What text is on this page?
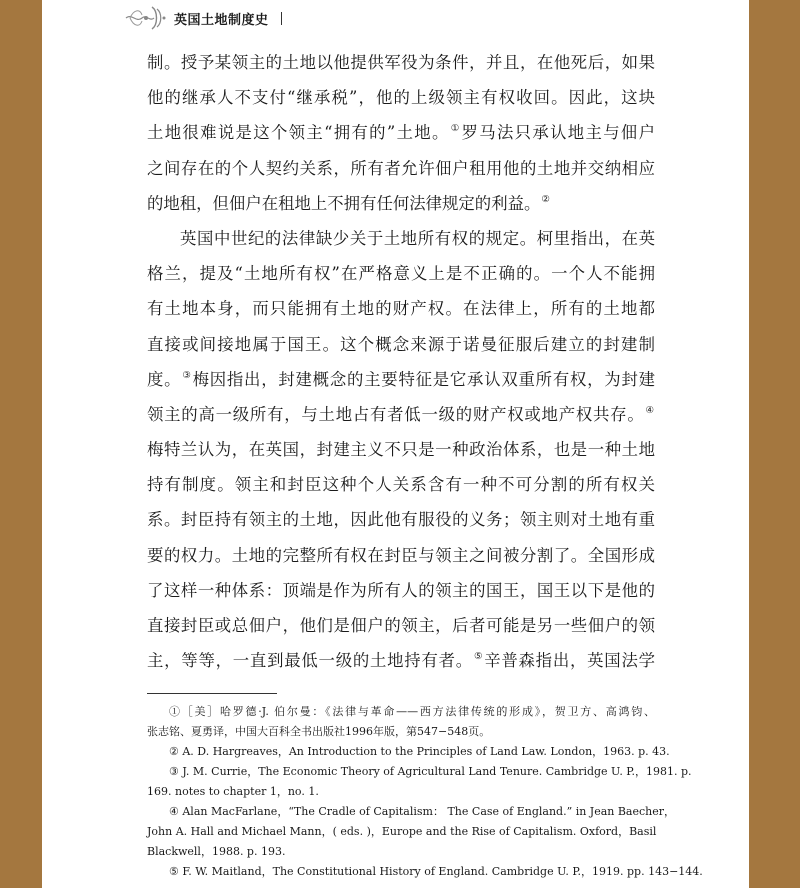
英国土地制度史
制。授予某领主的土地以他提供军役为条件，并且，在他死后，如果
他的继承人不支付“继承税”，他的上级领主有权收回。因此，这块
土地很难说是这个领主“拥有的”土地。①罗马法只承认地主与佃户
之间存在的个人契约关系，所有者允许佃户租用他的土地并交纳相应
的地租，但佃户在租地上不拥有任何法律规定的利益。②
英国中世纪的法律缺少关于土地所有权的规定。柯里指出，在英
格兰，提及“土地所有权”在严格意义上是不正确的。一个人不能拥
有土地本身，而只能拥有土地的财产权。在法律上，所有的土地都
直接或间接地属于国王。这个概念来源于诺曼征服后建立的封建制
度。③梅因指出，封建概念的主要特征是它承认双重所有权，为封建
领主的高一级所有，与土地占有者低一级的财产权或地产权共存。④
梅特兰认为，在英国，封建主义不只是一种政治体系，也是一种土地
持有制度。领主和封臣这种个人关系含有一种不可分割的所有权关
系。封臣持有领主的土地，因此他有服役的义务；领主则对土地有重
要的权力。土地的完整所有权在封臣与领主之间被分割了。全国形成
了这样一种体系：顶端是作为所有人的领主的国王，国王以下是他的
直接封臣或总佃户，他们是佃户的领主，后者可能是另一些佃户的领
主，等等，一直到最低一级的土地持有者。⑤辛普森指出，英国法学
①［美］哈罗德·J. 伯尔曼：《法律与革命——西方法律传统的形成》，贺卫方、高鸿钧、
张志铭、夏勇译，中国大百科全书出版社1996年版，第547−548页。
② A. D. Hargreaves，An Introduction to the Principles of Land Law. London，1963. p. 43.
③ J. M. Currie，The Economic Theory of Agricultural Land Tenure. Cambridge U. P.，1981. p.
169. notes to chapter 1，no. 1.
④ Alan MacFarlane，“The Cradle of Capitalism： The Case of England.” in Jean Baecher，
John A. Hall and Michael Mann，( eds. )，Europe and the Rise of Capitalism. Oxford，Basil
Blackwell，1988. p. 193.
⑤ F. W. Maitland，The Constitutional History of England. Cambridge U. P.，1919. pp. 143−144.
